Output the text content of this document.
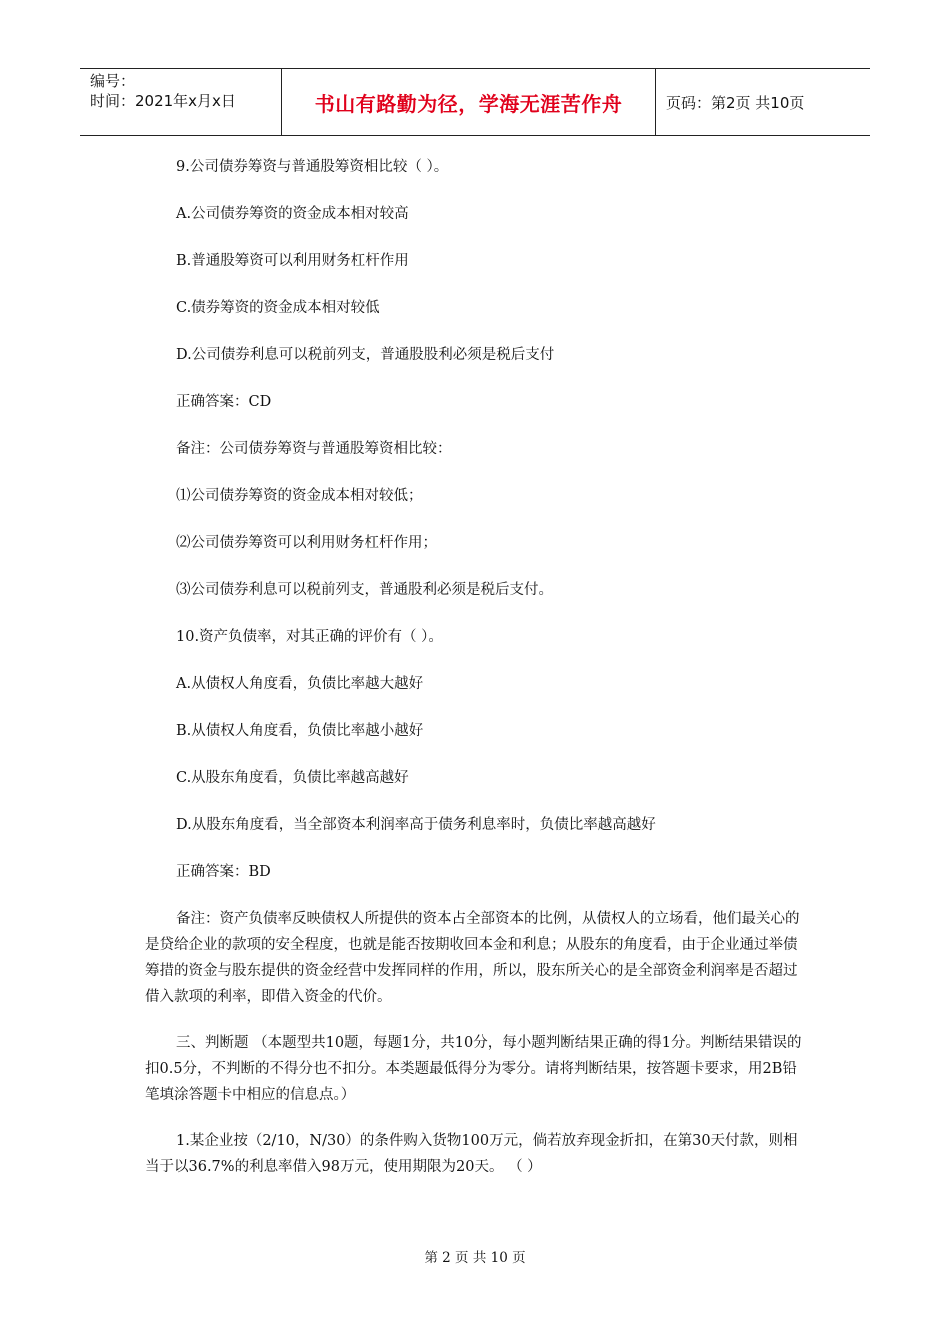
编号：
时间：2021年x月x日	书山有路勤为径，学海无涯苦作舟	页码：第2页 共10页

9.公司债券筹资与普通股筹资相比较（ ）。

A.公司债券筹资的资金成本相对较高

B.普通股筹资可以利用财务杠杆作用

C.债券筹资的资金成本相对较低

D.公司债券利息可以税前列支，普通股股利必须是税后支付

正确答案：CD

备注：公司债券筹资与普通股筹资相比较：

⑴公司债券筹资的资金成本相对较低；

⑵公司债券筹资可以利用财务杠杆作用；

⑶公司债券利息可以税前列支，普通股利必须是税后支付。

10.资产负债率，对其正确的评价有（ ）。

A.从债权人角度看，负债比率越大越好

B.从债权人角度看，负债比率越小越好

C.从股东角度看，负债比率越高越好

D.从股东角度看，当全部资本利润率高于债务利息率时，负债比率越高越好

正确答案：BD

备注：资产负债率反映债权人所提供的资本占全部资本的比例，从债权人的立场看，他们最关心的是贷给企业的款项的安全程度，也就是能否按期收回本金和利息；从股东的角度看，由于企业通过举债筹措的资金与股东提供的资金经营中发挥同样的作用，所以，股东所关心的是全部资金利润率是否超过借入款项的利率，即借入资金的代价。

三、判断题 （本题型共10题，每题1分，共10分，每小题判断结果正确的得1分。判断结果错误的扣0.5分，不判断的不得分也不扣分。本类题最低得分为零分。请将判断结果，按答题卡要求，用2B铅笔填涂答题卡中相应的信息点。）

1.某企业按（2/10，N/30）的条件购入货物100万元，倘若放弃现金折扣，在第30天付款，则相当于以36.7%的利息率借入98万元，使用期限为20天。 （ ）

第 2 页 共 10 页
